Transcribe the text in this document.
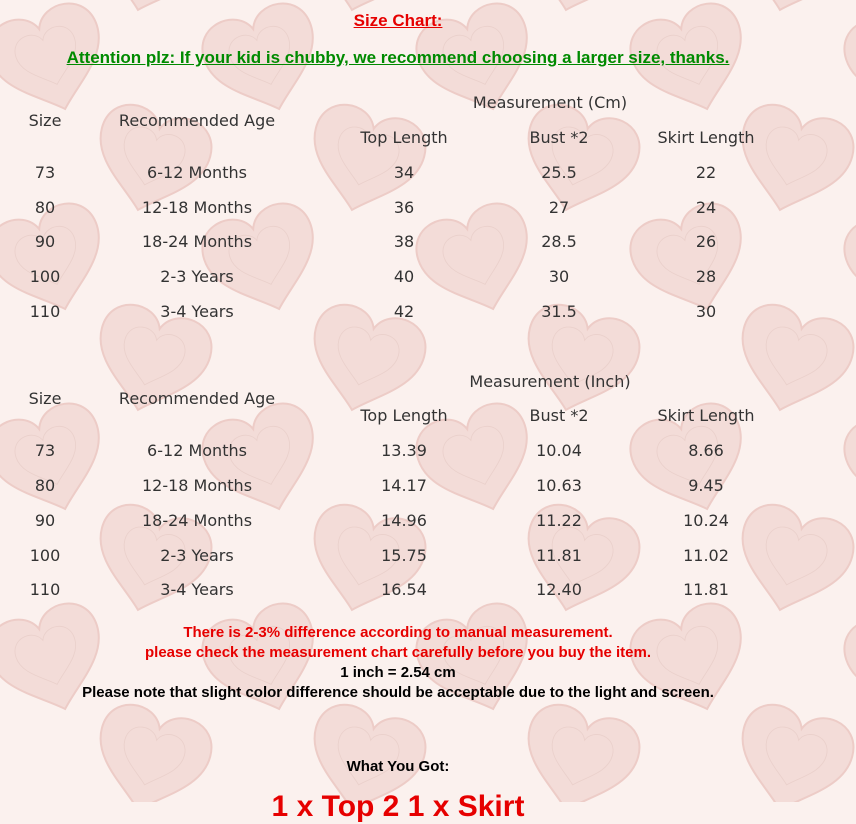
Size Chart:
Attention plz: If your kid is chubby, we recommend choosing a larger size, thanks.
Measurement (Cm)
Size	Recommended Age
Top Length	Bust *2	Skirt Length
73	6-12 Months	34	25.5	22
80	12-18 Months	36	27	24
90	18-24 Months	38	28.5	26
100	2-3 Years	40	30	28
110	3-4 Years	42	31.5	30
Measurement (Inch)
Size	Recommended Age
Top Length	Bust *2	Skirt Length
73	6-12 Months	13.39	10.04	8.66
80	12-18 Months	14.17	10.63	9.45
90	18-24 Months	14.96	11.22	10.24
100	2-3 Years	15.75	11.81	11.02
110	3-4 Years	16.54	12.40	11.81
There is 2-3% difference according to manual measurement.
please check the measurement chart carefully before you buy the item.
1 inch = 2.54 cm
Please note that slight color difference should be acceptable due to the light and screen.
What You Got:
1 x Top 2 1 x Skirt
